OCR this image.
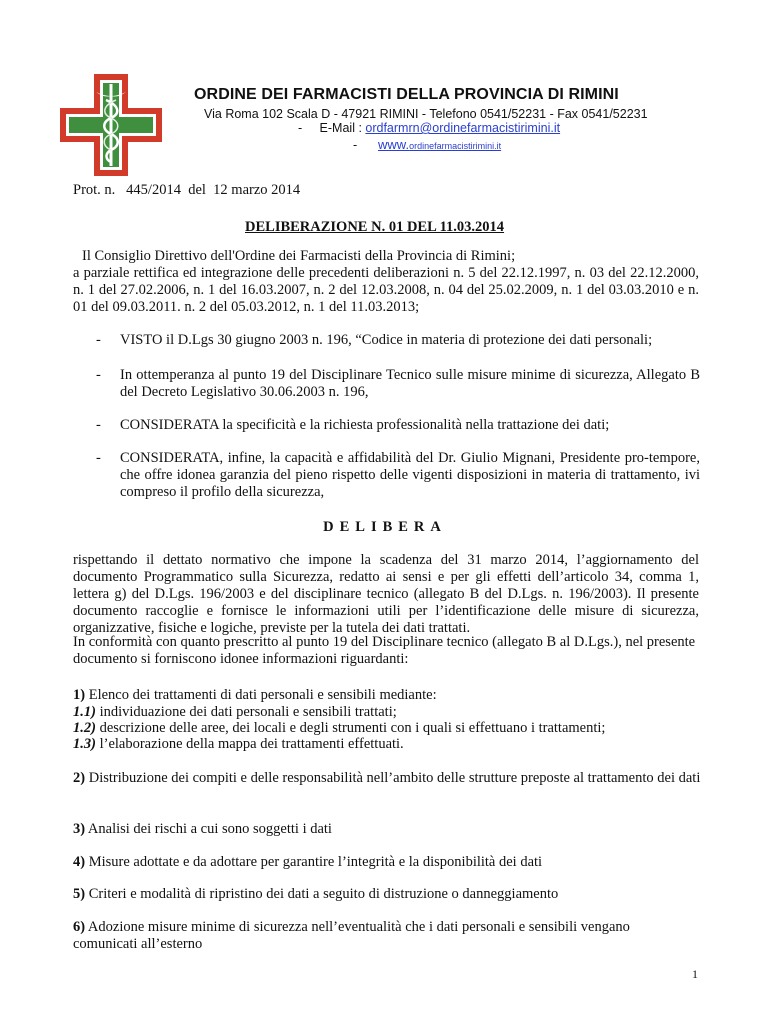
ORDINE DEI FARMACISTI DELLA PROVINCIA DI RIMINI
Via Roma 102 Scala D - 47921 RIMINI - Telefono 0541/52231 - Fax 0541/52231
- E-Mail : ordfarmrn@ordinefarmacistirimini.it
- www.ordinefarmacistirimini.it
Prot. n.   445/2014  del  12 marzo 2014
DELIBERAZIONE N. 01 DEL 11.03.2014
Il Consiglio Direttivo dell'Ordine dei Farmacisti della Provincia di Rimini;
a parziale rettifica ed integrazione delle precedenti deliberazioni n. 5 del 22.12.1997, n. 03 del 22.12.2000, n. 1 del 27.02.2006, n. 1 del 16.03.2007, n. 2 del 12.03.2008, n. 04 del 25.02.2009, n. 1 del 03.03.2010 e n. 01 del 09.03.2011. n. 2 del 05.03.2012, n. 1 del 11.03.2013;
- VISTO il D.Lgs 30 giugno 2003 n. 196, “Codice in materia di protezione dei dati personali;
- In ottemperanza al punto 19 del Disciplinare Tecnico sulle misure minime di sicurezza, Allegato B del Decreto Legislativo 30.06.2003 n. 196,
- CONSIDERATA la specificità e la richiesta professionalità nella trattazione dei dati;
- CONSIDERATA, infine, la capacità e affidabilità del Dr. Giulio Mignani, Presidente pro-tempore, che offre idonea garanzia del pieno rispetto delle vigenti disposizioni in materia di trattamento, ivi compreso il profilo della sicurezza,
DELIBERA
rispettando il dettato normativo che impone la scadenza del 31 marzo 2014, l’aggiornamento del documento Programmatico sulla Sicurezza, redatto ai sensi e per gli effetti dell’articolo 34, comma 1, lettera g) del D.Lgs. 196/2003 e del disciplinare tecnico (allegato B del D.Lgs. n. 196/2003). Il presente documento raccoglie e fornisce le informazioni utili per l’identificazione delle misure di sicurezza, organizzative, fisiche e logiche, previste per la tutela dei dati trattati.
In conformità con quanto prescritto al punto 19 del Disciplinare tecnico (allegato B al D.Lgs.), nel presente documento si forniscono idonee informazioni riguardanti:
1) Elenco dei trattamenti di dati personali e sensibili mediante:
1.1) individuazione dei dati personali e sensibili trattati;
1.2) descrizione delle aree, dei locali e degli strumenti con i quali si effettuano i trattamenti;
1.3) l’elaborazione della mappa dei trattamenti effettuati.
2) Distribuzione dei compiti e delle responsabilità nell’ambito delle strutture preposte al trattamento dei dati
3) Analisi dei rischi a cui sono soggetti i dati
4) Misure adottate e da adottare per garantire l’integrità e la disponibilità dei dati
5) Criteri e modalità di ripristino dei dati a seguito di distruzione o danneggiamento
6) Adozione misure minime di sicurezza nell’eventualità che i dati personali e sensibili vengano comunicati all’esterno
1
